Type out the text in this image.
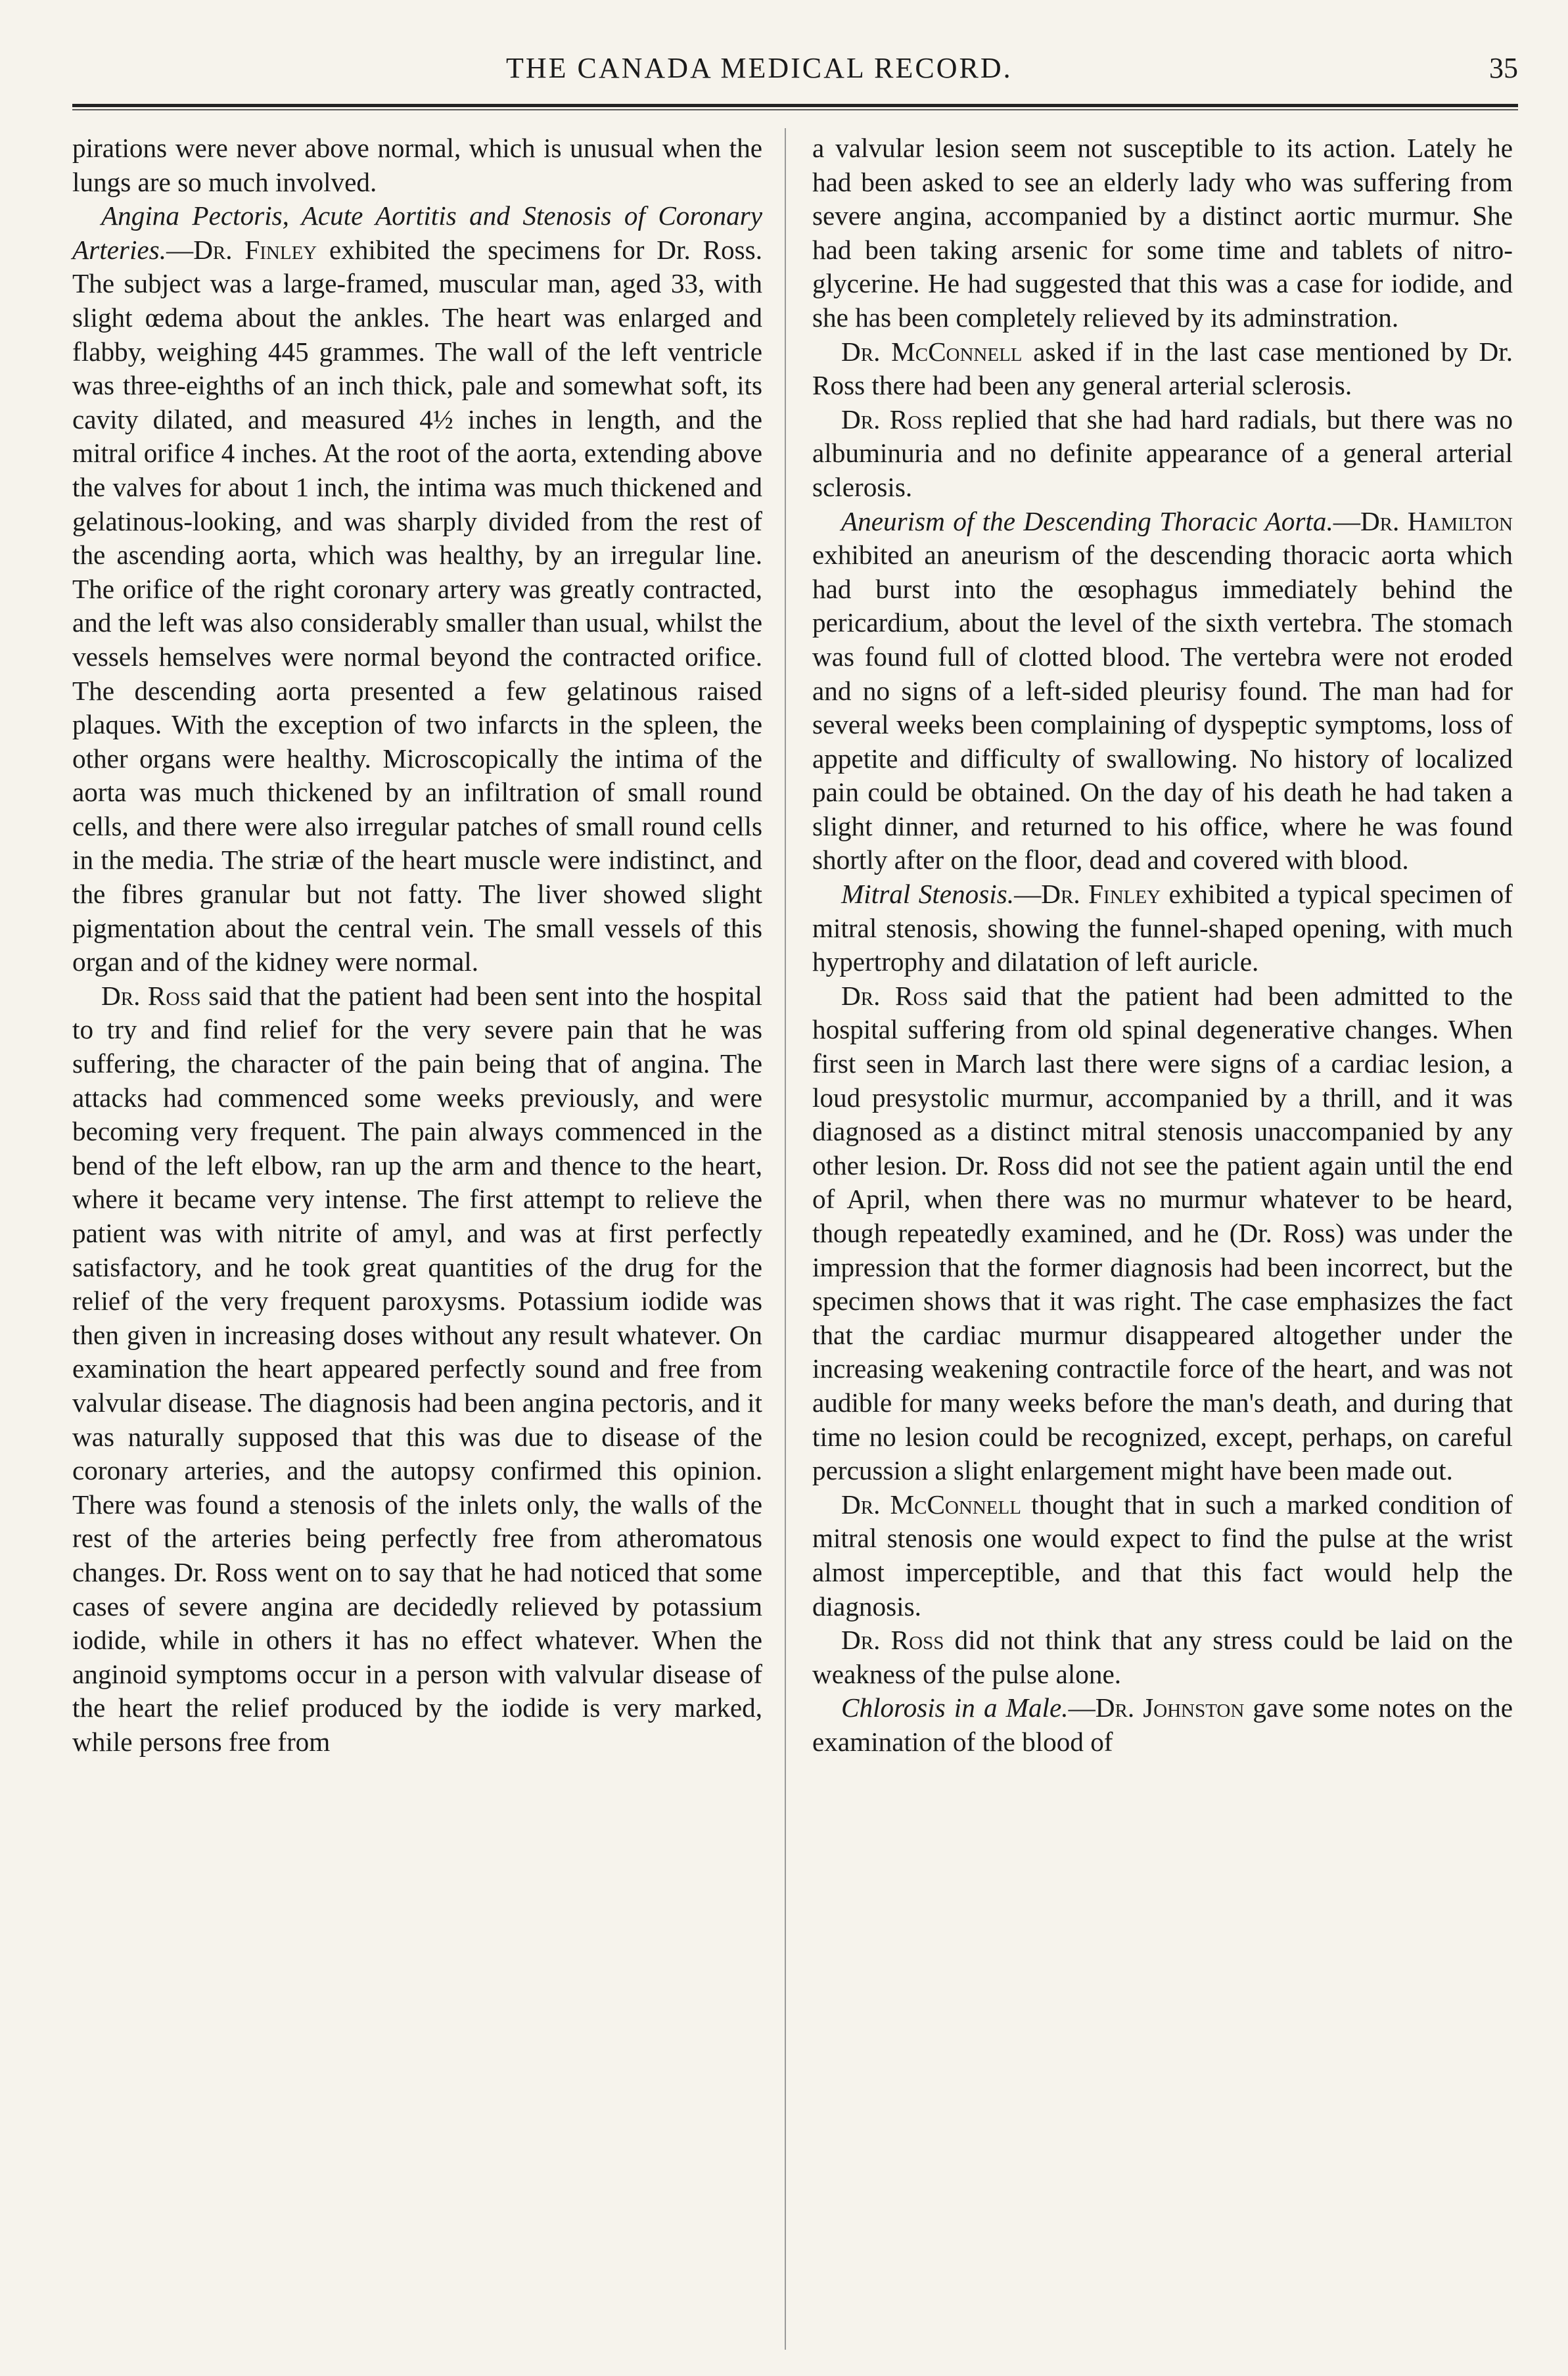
THE CANADA MEDICAL RECORD.	35

pirations were never above normal, which is unusual when the lungs are so much involved.

Angina Pectoris, Acute Aortitis and Stenosis of Coronary Arteries.—Dr. Finley exhibited the specimens for Dr. Ross. The subject was a large-framed, muscular man, aged 33, with slight œdema about the ankles. The heart was enlarged and flabby, weighing 445 grammes. The wall of the left ventricle was three-eighths of an inch thick, pale and somewhat soft, its cavity dilated, and measured 4½ inches in length, and the mitral orifice 4 inches. At the root of the aorta, extending above the valves for about 1 inch, the intima was much thickened and gelatinous-looking, and was sharply divided from the rest of the ascending aorta, which was healthy, by an irregular line. The orifice of the right coronary artery was greatly contracted, and the left was also considerably smaller than usual, whilst the vessels hemselves were normal beyond the contracted orifice. The descending aorta presented a few gelatinous raised plaques. With the exception of two infarcts in the spleen, the other organs were healthy. Microscopically the intima of the aorta was much thickened by an infiltration of small round cells, and there were also irregular patches of small round cells in the media. The striæ of the heart muscle were indistinct, and the fibres granular but not fatty. The liver showed slight pigmentation about the central vein. The small vessels of this organ and of the kidney were normal.

Dr. Ross said that the patient had been sent into the hospital to try and find relief for the very severe pain that he was suffering, the character of the pain being that of angina. The attacks had commenced some weeks previously, and were becoming very frequent. The pain always commenced in the bend of the left elbow, ran up the arm and thence to the heart, where it became very intense. The first attempt to relieve the patient was with nitrite of amyl, and was at first perfectly satisfactory, and he took great quantities of the drug for the relief of the very frequent paroxysms. Potassium iodide was then given in increasing doses without any result whatever. On examination the heart appeared perfectly sound and free from valvular disease. The diagnosis had been angina pectoris, and it was naturally supposed that this was due to disease of the coronary arteries, and the autopsy confirmed this opinion. There was found a stenosis of the inlets only, the walls of the rest of the arteries being perfectly free from atheromatous changes. Dr. Ross went on to say that he had noticed that some cases of severe angina are decidedly relieved by potassium iodide, while in others it has no effect whatever. When the anginoid symptoms occur in a person with valvular disease of the heart the relief produced by the iodide is very marked, while persons free from

a valvular lesion seem not susceptible to its action. Lately he had been asked to see an elderly lady who was suffering from severe angina, accompanied by a distinct aortic murmur. She had been taking arsenic for some time and tablets of nitro-glycerine. He had suggested that this was a case for iodide, and she has been completely relieved by its adminstration.

Dr. McConnell asked if in the last case mentioned by Dr. Ross there had been any general arterial sclerosis.

Dr. Ross replied that she had hard radials, but there was no albuminuria and no definite appearance of a general arterial sclerosis.

Aneurism of the Descending Thoracic Aorta.—Dr. Hamilton exhibited an aneurism of the descending thoracic aorta which had burst into the œsophagus immediately behind the pericardium, about the level of the sixth vertebra. The stomach was found full of clotted blood. The vertebra were not eroded and no signs of a left-sided pleurisy found. The man had for several weeks been complaining of dyspeptic symptoms, loss of appetite and difficulty of swallowing. No history of localized pain could be obtained. On the day of his death he had taken a slight dinner, and returned to his office, where he was found shortly after on the floor, dead and covered with blood.

Mitral Stenosis.—Dr. Finley exhibited a typical specimen of mitral stenosis, showing the funnel-shaped opening, with much hypertrophy and dilatation of left auricle.

Dr. Ross said that the patient had been admitted to the hospital suffering from old spinal degenerative changes. When first seen in March last there were signs of a cardiac lesion, a loud presystolic murmur, accompanied by a thrill, and it was diagnosed as a distinct mitral stenosis unaccompanied by any other lesion. Dr. Ross did not see the patient again until the end of April, when there was no murmur whatever to be heard, though repeatedly examined, and he (Dr. Ross) was under the impression that the former diagnosis had been incorrect, but the specimen shows that it was right. The case emphasizes the fact that the cardiac murmur disappeared altogether under the increasing weakening contractile force of the heart, and was not audible for many weeks before the man's death, and during that time no lesion could be recognized, except, perhaps, on careful percussion a slight enlargement might have been made out.

Dr. McConnell thought that in such a marked condition of mitral stenosis one would expect to find the pulse at the wrist almost imperceptible, and that this fact would help the diagnosis.

Dr. Ross did not think that any stress could be laid on the weakness of the pulse alone.

Chlorosis in a Male.—Dr. Johnston gave some notes on the examination of the blood of
